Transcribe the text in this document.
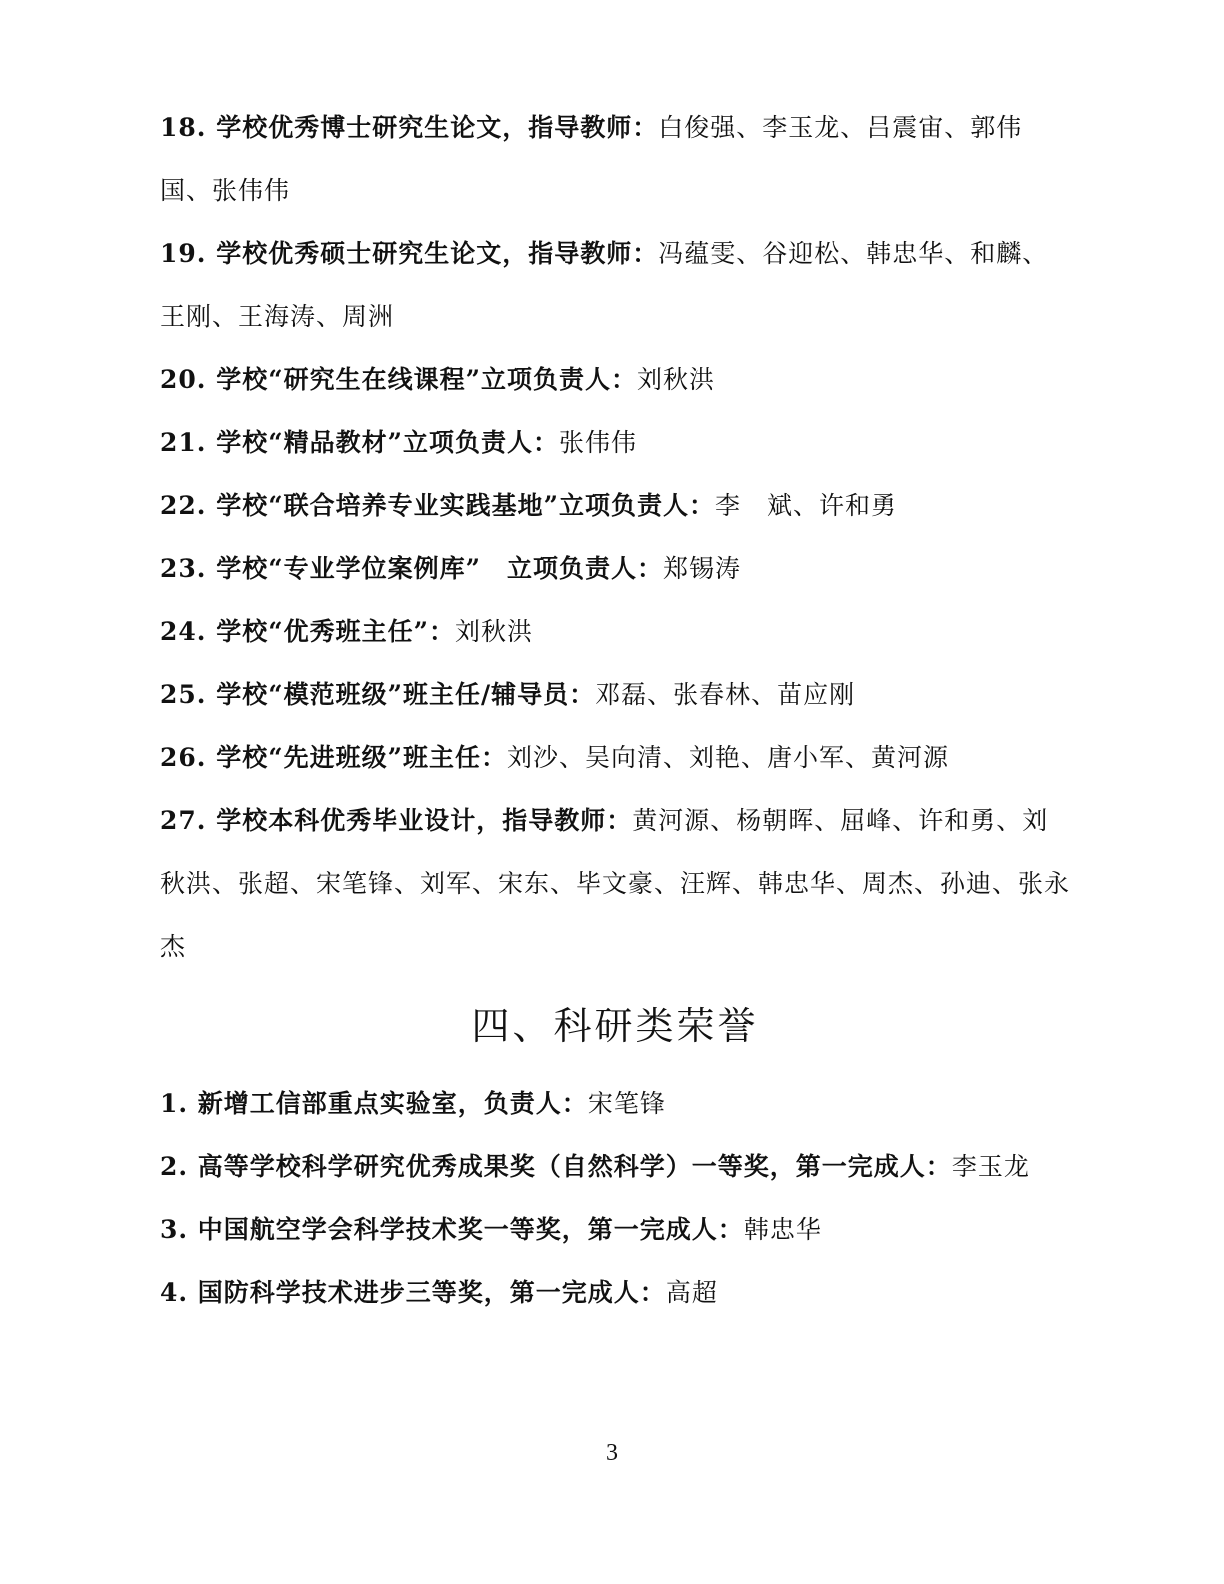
18. 学校优秀博士研究生论文，指导教师：白俊强、李玉龙、吕震宙、郭伟国、张伟伟
19. 学校优秀硕士研究生论文，指导教师：冯蕴雯、谷迎松、韩忠华、和麟、王刚、王海涛、周洲
20. 学校“研究生在线课程”立项负责人：刘秋洪
21. 学校“精品教材”立项负责人：张伟伟
22. 学校“联合培养专业实践基地”立项负责人：李　斌、许和勇
23. 学校“专业学位案例库”　立项负责人：郑锡涛
24. 学校“优秀班主任”：刘秋洪
25. 学校“模范班级”班主任/辅导员：邓磊、张春林、苗应刚
26. 学校“先进班级”班主任：刘沙、吴向清、刘艳、唐小军、黄河源
27. 学校本科优秀毕业设计，指导教师：黄河源、杨朝晖、屈峰、许和勇、刘秋洪、张超、宋笔锋、刘军、宋东、毕文豪、汪辉、韩忠华、周杰、孙迪、张永杰
四、科研类荣誉
1. 新增工信部重点实验室，负责人：宋笔锋
2. 高等学校科学研究优秀成果奖（自然科学）一等奖，第一完成人：李玉龙
3. 中国航空学会科学技术奖一等奖，第一完成人：韩忠华
4. 国防科学技术进步三等奖，第一完成人：高超
3
